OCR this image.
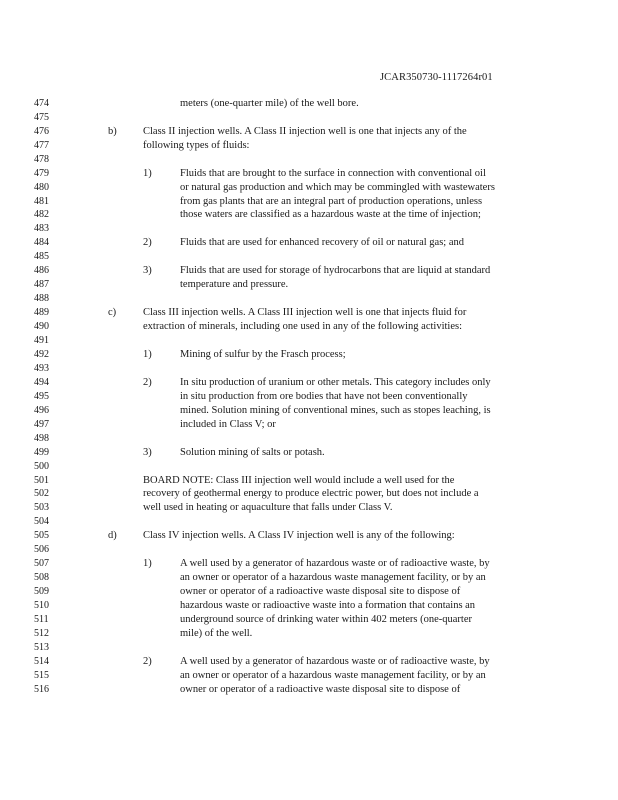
JCAR350730-1117264r01
474
475
476
477
478
479
480
481
482
483
484
485
486
487
488
489
490
491
492
493
494
495
496
497
498
499
500
501
502
503
504
505
506
507
508
509
510
511
512
513
514
515
516
meters (one-quarter mile) of the well bore.
b)	Class II injection wells. A Class II injection well is one that injects any of the
following types of fluids:
1)	Fluids that are brought to the surface in connection with conventional oil
or natural gas production and which may be commingled with wastewaters
from gas plants that are an integral part of production operations, unless
those waters are classified as a hazardous waste at the time of injection;
2)	Fluids that are used for enhanced recovery of oil or natural gas; and
3)	Fluids that are used for storage of hydrocarbons that are liquid at standard
temperature and pressure.
c)	Class III injection wells. A Class III injection well is one that injects fluid for
extraction of minerals, including one used in any of the following activities:
1)	Mining of sulfur by the Frasch process;
2)	In situ production of uranium or other metals. This category includes only
in situ production from ore bodies that have not been conventionally
mined. Solution mining of conventional mines, such as stopes leaching, is
included in Class V; or
3)	Solution mining of salts or potash.
BOARD NOTE: Class III injection well would include a well used for the
recovery of geothermal energy to produce electric power, but does not include a
well used in heating or aquaculture that falls under Class V.
d)	Class IV injection wells. A Class IV injection well is any of the following:
1)	A well used by a generator of hazardous waste or of radioactive waste, by
an owner or operator of a hazardous waste management facility, or by an
owner or operator of a radioactive waste disposal site to dispose of
hazardous waste or radioactive waste into a formation that contains an
underground source of drinking water within 402 meters (one-quarter
mile) of the well.
2)	A well used by a generator of hazardous waste or of radioactive waste, by
an owner or operator of a hazardous waste management facility, or by an
owner or operator of a radioactive waste disposal site to dispose of
